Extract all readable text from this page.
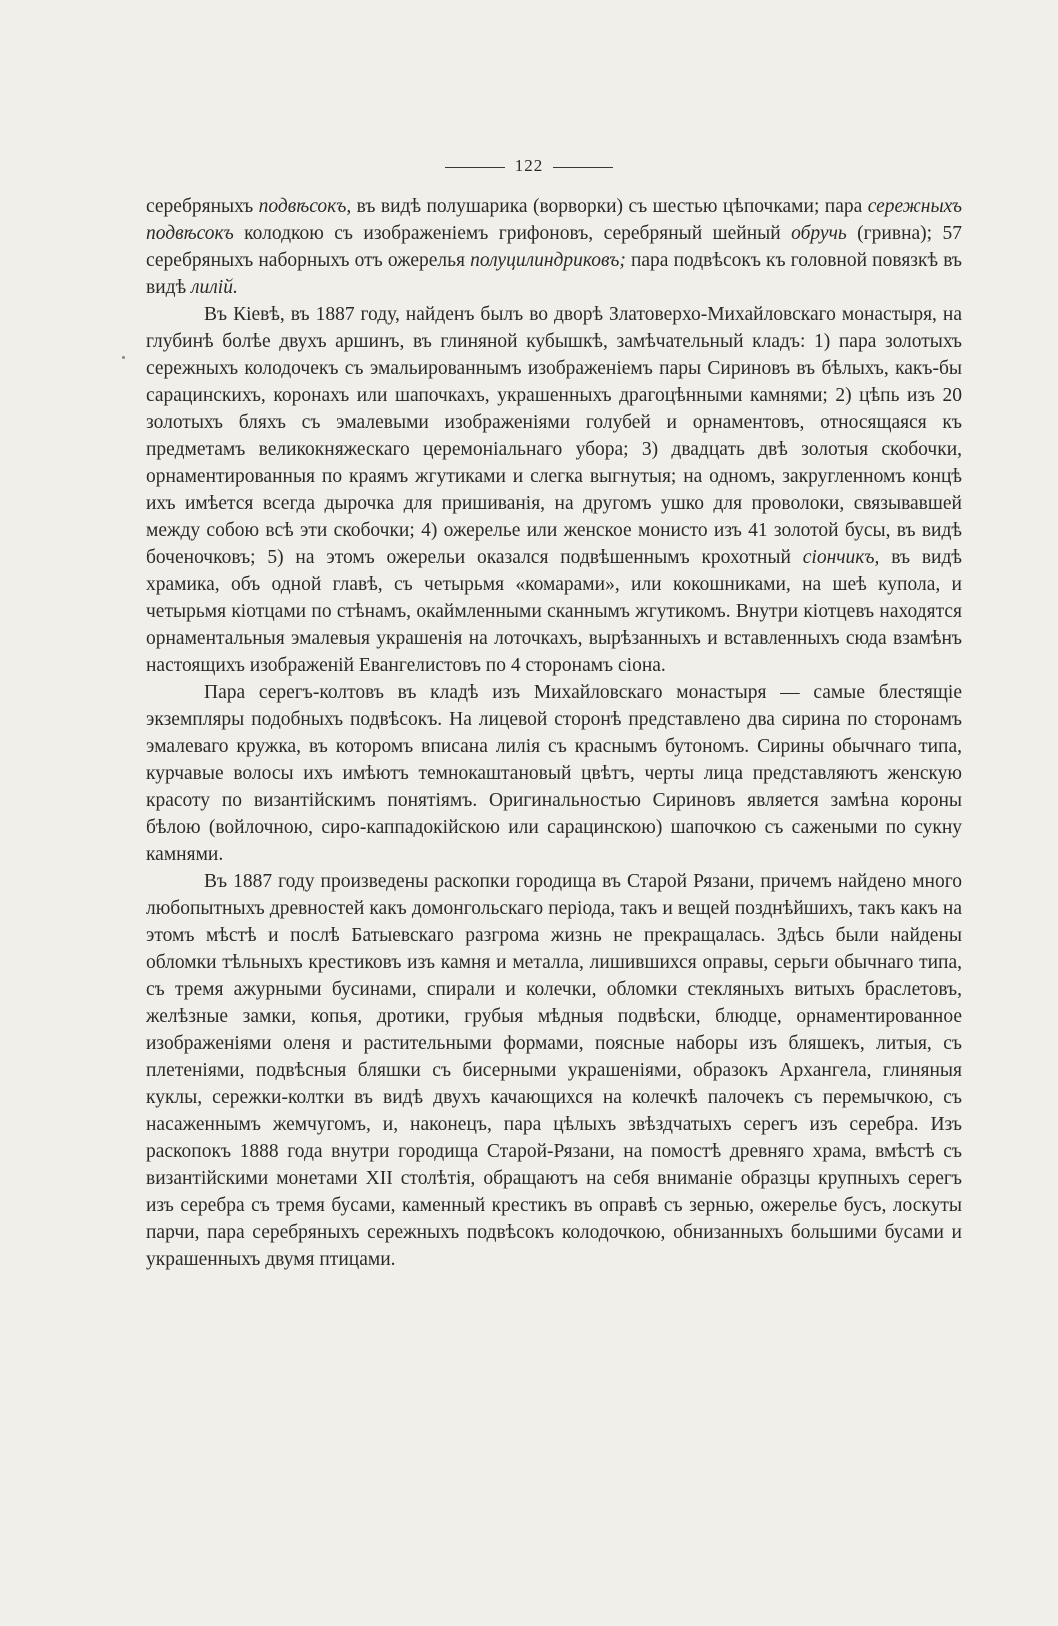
122

серебряныхъ подвѣсокъ, въ видѣ полушарика (ворворки) съ шестью цѣпочками; пара сережныхъ подвѣсокъ колодкою съ изображеніемъ грифоновъ, серебряный шейный обручь (гривна); 57 серебряныхъ наборныхъ отъ ожерелья полуцилиндриковъ; пара подвѣсокъ къ головной повязкѣ въ видѣ лилій.

Въ Кіевѣ, въ 1887 году, найденъ былъ во дворѣ Златоверхо-Михайловскаго монастыря, на глубинѣ болѣе двухъ аршинъ, въ глиняной кубышкѣ, замѣчательный кладъ: 1) пара золотыхъ сережныхъ колодочекъ съ эмальированнымъ изображеніемъ пары Сириновъ въ бѣлыхъ, какъ-бы сарацинскихъ, коронахъ или шапочкахъ, украшенныхъ драгоцѣнными камнями; 2) цѣпь изъ 20 золотыхъ бляхъ съ эмалевыми изображеніями голубей и орнаментовъ, относящаяся къ предметамъ великокняжескаго церемоніальнаго убора; 3) двадцать двѣ золотыя скобочки, орнаментированныя по краямъ жгутиками и слегка выгнутыя; на одномъ, закругленномъ концѣ ихъ имѣется всегда дырочка для пришиванія, на другомъ ушко для проволоки, связывавшей между собою всѣ эти скобочки; 4) ожерелье или женское монисто изъ 41 золотой бусы, въ видѣ боченочковъ; 5) на этомъ ожерельи оказался подвѣшеннымъ крохотный сіончикъ, въ видѣ храмика, объ одной главѣ, съ четырьмя «комарами», или кокошниками, на шеѣ купола, и четырьмя кіотцами по стѣнамъ, окаймленными сканнымъ жгутикомъ. Внутри кіотцевъ находятся орнаментальныя эмалевыя украшенія на лоточкахъ, вырѣзанныхъ и вставленныхъ сюда взамѣнъ настоящихъ изображеній Евангелистовъ по 4 сторонамъ сіона.

Пара серегъ-колтовъ въ кладѣ изъ Михайловскаго монастыря — самые блестящіе экземпляры подобныхъ подвѣсокъ. На лицевой сторонѣ представлено два сирина по сторонамъ эмалеваго кружка, въ которомъ вписана лилія съ краснымъ бутономъ. Сирины обычнаго типа, курчавые волосы ихъ имѣютъ темнокаштановый цвѣтъ, черты лица представляютъ женскую красоту по византійскимъ понятіямъ. Оригинальностью Сириновъ является замѣна короны бѣлою (войлочною, сиро-каппадокійскою или сарацинскою) шапочкою съ сажеными по сукну камнями.

Въ 1887 году произведены раскопки городища въ Старой Рязани, причемъ найдено много любопытныхъ древностей какъ домонгольскаго періода, такъ и вещей позднѣйшихъ, такъ какъ на этомъ мѣстѣ и послѣ Батыевскаго разгрома жизнь не прекращалась. Здѣсь были найдены обломки тѣльныхъ крестиковъ изъ камня и металла, лишившихся оправы, серьги обычнаго типа, съ тремя ажурными бусинами, спирали и колечки, обломки стекляныхъ витыхъ браслетовъ, желѣзные замки, копья, дротики, грубыя мѣдныя подвѣски, блюдце, орнаментированное изображеніями оленя и растительными формами, поясные наборы изъ бляшекъ, литыя, съ плетеніями, подвѣсныя бляшки съ бисерными украшеніями, образокъ Архангела, глиняныя куклы, сережки-колтки въ видѣ двухъ качающихся на колечкѣ палочекъ съ перемычкою, съ насаженнымъ жемчугомъ, и, наконецъ, пара цѣлыхъ звѣздчатыхъ серегъ изъ серебра. Изъ раскопокъ 1888 года внутри городища Старой-Рязани, на помостѣ древняго храма, вмѣстѣ съ византійскими монетами XII столѣтія, обращаютъ на себя вниманіе образцы крупныхъ серегъ изъ серебра съ тремя бусами, каменный крестикъ въ оправѣ съ зернью, ожерелье бусъ, лоскуты парчи, пара серебряныхъ сережныхъ подвѣсокъ колодочкою, обнизанныхъ большими бусами и украшенныхъ двумя птицами.
